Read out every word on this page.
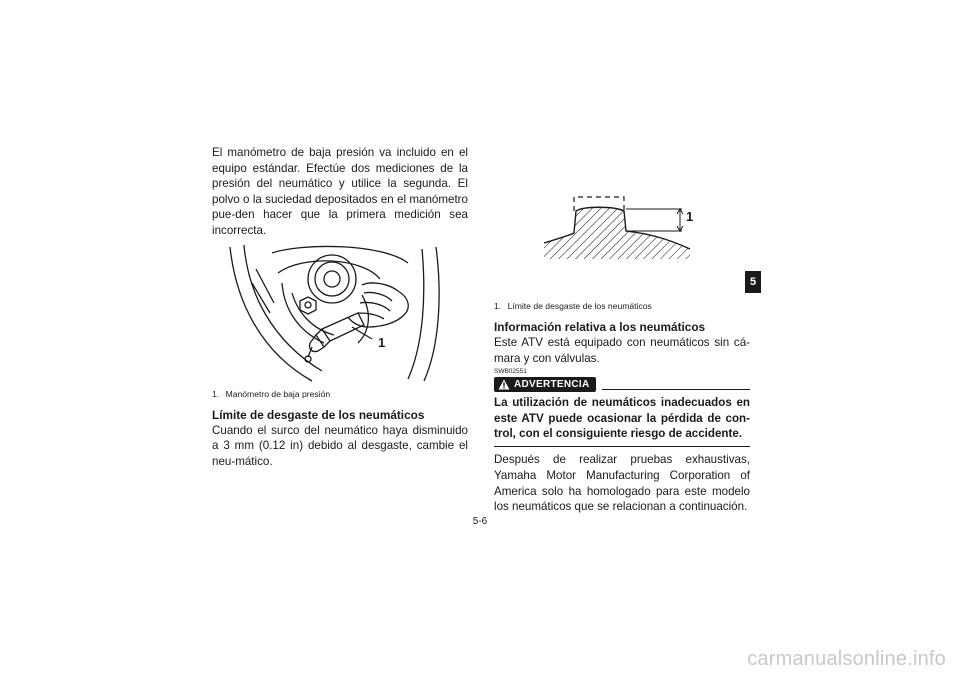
El manómetro de baja presión va incluido en el equipo estándar. Efectúe dos mediciones de la presión del neumático y utilice la segunda. El polvo o la suciedad depositados en el manómetro pue-den hacer que la primera medición sea incorrecta.

1
1. Manómetro de baja presión
Límite de desgaste de los neumáticos

Cuando el surco del neumático haya disminuido a 3 mm (0.12 in) debido al desgaste, cambie el neu-mático.

1
1. Límite de desgaste de los neumáticos
Información relativa a los neumáticos

Este ATV está equipado con neumáticos sin cá-mara y con válvulas.

SWB02551
ADVERTENCIA

La utilización de neumáticos inadecuados en este ATV puede ocasionar la pérdida de con-trol, con el consiguiente riesgo de accidente.

Después de realizar pruebas exhaustivas, Yamaha Motor Manufacturing Corporation of America solo ha homologado para este modelo los neumáticos que se relacionan a continuación.

5
5-6
carmanualsonline.info
